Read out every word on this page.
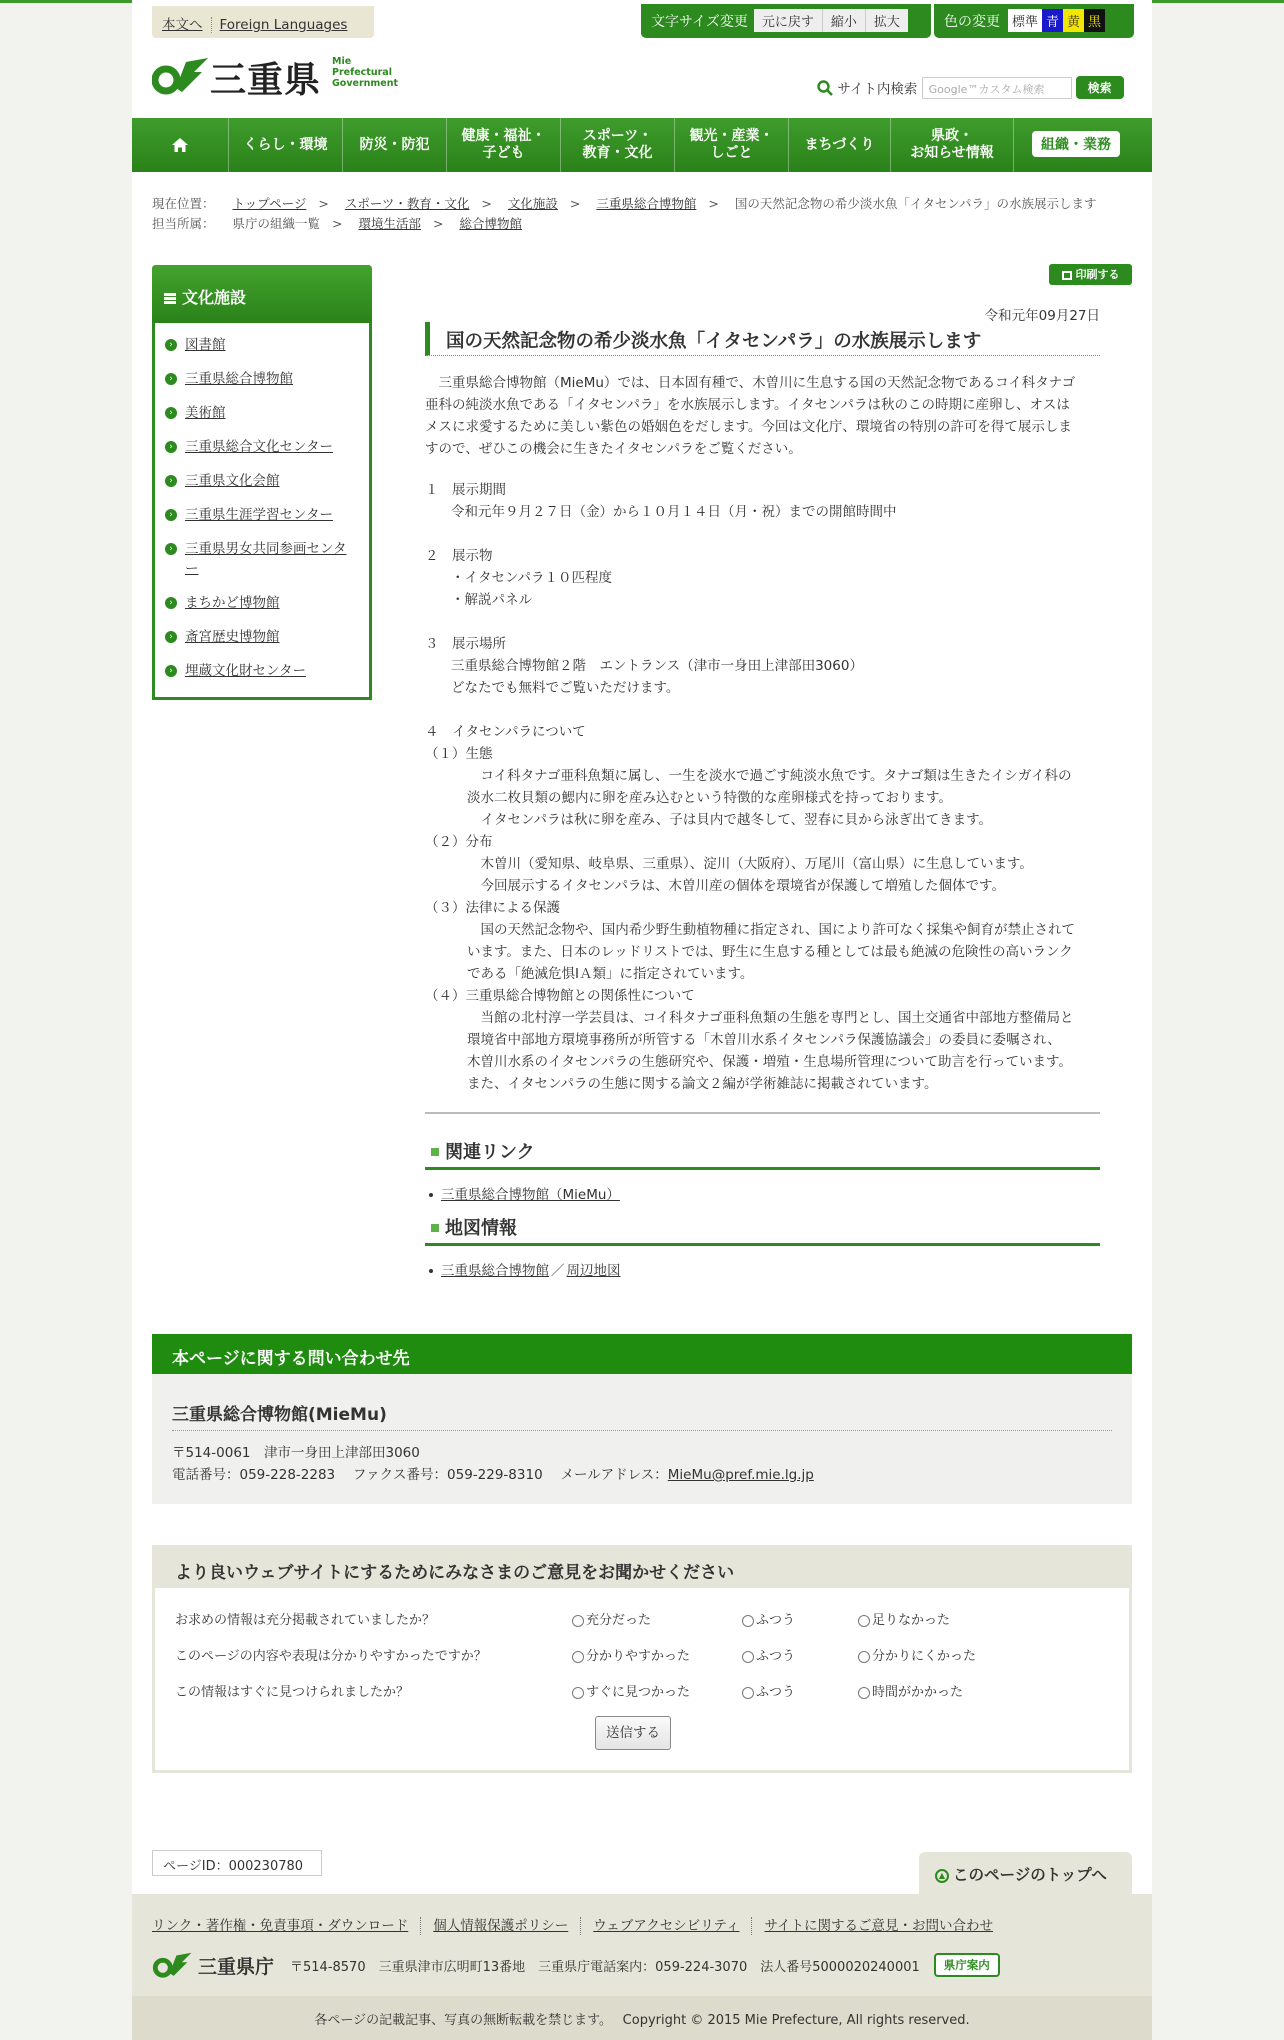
本文へ Foreign Languages	文字サイズ変更 元に戻す 縮小 拡大	色の変更 標準 青 黄 黒
三重県 Mie
Prefectural
Government	サイト内検索 Google™カスタム検索	検索
くらし・環境	防災・防犯
健康・福祉・
子ども
スポーツ・
教育・文化
観光・産業・
しごと
まちづくり
県政・
お知らせ情報	組織・業務
現在位置： トップページ > スポーツ・教育・文化 > 文化施設 > 三重県総合博物館 > 国の天然記念物の希少淡水魚「イタセンパラ」の水族展示します
担当所属： 県庁の組織一覧 > 環境生活部 > 総合博物館
文化施設
› 図書館
› 三重県総合博物館
› 美術館
› 三重県総合文化センター
› 三重県文化会館
› 三重県生涯学習センター
› 三重県男女共同参画センター
› まちかど博物館
› 斎宮歴史博物館
› 埋蔵文化財センター
印刷する
令和元年09月27日
国の天然記念物の希少淡水魚「イタセンパラ」の水族展示します

　三重県総合博物館（MieMu）では、日本固有種で、木曽川に生息する国の天然記念物であるコイ科タナゴ

亜科の純淡水魚である「イタセンパラ」を水族展示します。イタセンパラは秋のこの時期に産卵し、オスは

メスに求愛するために美しい紫色の婚姻色をだします。今回は文化庁、環境省の特別の許可を得て展示しま

すので、ぜひこの機会に生きたイタセンパラをご覧ください。

１　展示期間

令和元年９月２７日（金）から１０月１４日（月・祝）までの開館時間中

２　展示物

・イタセンパラ１０匹程度

・解説パネル

３　展示場所

三重県総合博物館２階　エントランス（津市一身田上津部田3060）

どなたでも無料でご覧いただけます。

４　イタセンパラについて

（１）生態

　コイ科タナゴ亜科魚類に属し、一生を淡水で過ごす純淡水魚です。タナゴ類は生きたイシガイ科の

淡水二枚貝類の鰓内に卵を産み込むという特徴的な産卵様式を持っております。

　イタセンパラは秋に卵を産み、子は貝内で越冬して、翌春に貝から泳ぎ出てきます。

（２）分布

　木曽川（愛知県、岐阜県、三重県）、淀川（大阪府）、万尾川（富山県）に生息しています。

　今回展示するイタセンパラは、木曽川産の個体を環境省が保護して増殖した個体です。

（３）法律による保護

　国の天然記念物や、国内希少野生動植物種に指定され、国により許可なく採集や飼育が禁止されて

います。また、日本のレッドリストでは、野生に生息する種としては最も絶滅の危険性の高いランク

である「絶滅危惧ⅠＡ類」に指定されています。

（４）三重県総合博物館との関係性について

　当館の北村淳一学芸員は、コイ科タナゴ亜科魚類の生態を専門とし、国土交通省中部地方整備局と

環境省中部地方環境事務所が所管する「木曽川水系イタセンパラ保護協議会」の委員に委嘱され、

木曽川水系のイタセンパラの生態研究や、保護・増殖・生息場所管理について助言を行っています。

また、イタセンパラの生態に関する論文２編が学術雑誌に掲載されています。

関連リンク
三重県総合博物館（MieMu）
地図情報
三重県総合博物館 ／ 周辺地図
本ページに関する問い合わせ先
三重県総合博物館(MieMu)
〒514-0061　津市一身田上津部田3060
電話番号：059-228-2283　 ファクス番号：059-229-8310　 メールアドレス：MieMu@pref.mie.lg.jp
より良いウェブサイトにするためにみなさまのご意見をお聞かせください
お求めの情報は充分掲載されていましたか？	充分だった	ふつう	足りなかった
このページの内容や表現は分かりやすかったですか？	分かりやすかった	ふつう	分かりにくかった
この情報はすぐに見つけられましたか？	すぐに見つかった	ふつう	時間がかかった
送信する
ページID：000230780
▲ このページのトップへ
リンク・著作権・免責事項・ダウンロード 個人情報保護ポリシー ウェブアクセシビリティ サイトに関するご意見・お問い合わせ
三重県庁 〒514-8570　三重県津市広明町13番地　三重県庁電話案内：059-224-3070　法人番号5000020240001	県庁案内
各ページの記載記事、写真の無断転載を禁じます。　 Copyright © 2015 Mie Prefecture, All rights reserved.
